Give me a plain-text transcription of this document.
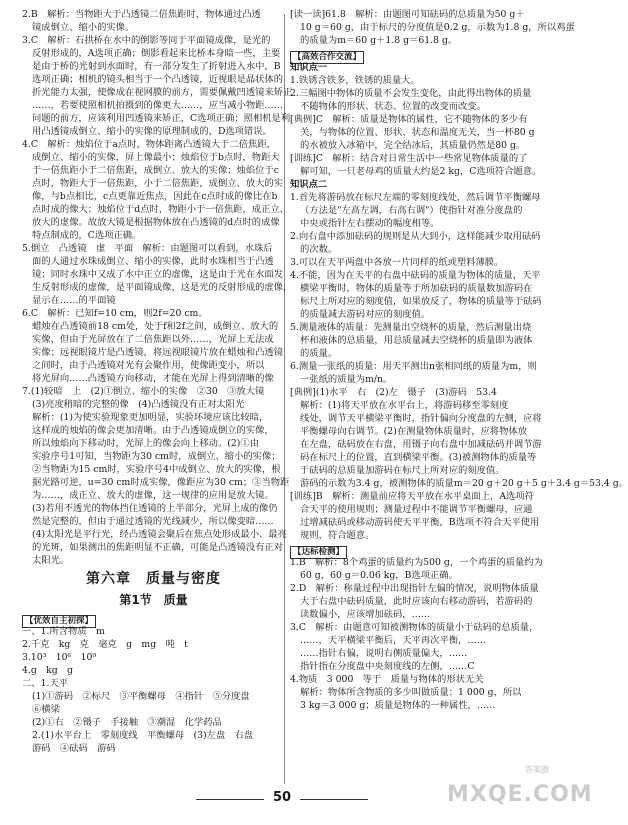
2.B　解析：当物距大于凸透镜二倍焦距时，物体通过凸透
镜成倒立、缩小的实像。
3.C　解析：石拱桥在水中的倒影等同于平面镜成像，是光的
反射形成的，A选项正确；倒影看起来比桥本身暗一些，主要
是由于桥的光射到水面时，有一部分发生了折射进入水中，B
选项正确；相机的镜头相当于一个凸透镜，近视眼是晶状体的
折光能力太强，使像成在视网膜的前方，需要佩戴凹透镜来矫正
……，若要使照相机拍摄到的像更大……，应当减小物距……
问题的前方，应该利用凹透镜来矫正，C选项正确；照相机是利
用凸透镜成倒立、缩小的实像的原理制成的，D选项错误。
4.C　解析：烛焰位于a点时，物体距离凸透镜大于二倍焦距，
成倒立、缩小的实像，屏上像最小；烛焰位于b点时，物距大
于一倍焦距小于二倍焦距，成倒立、放大的实像；烛焰位于c
点时，物距大于一倍焦距，小于二倍焦距，成倒立、放大的实
像，与b点相比，c点更靠近焦点，因此在c点时成的像比在b
点时成的像大；烛焰位于d点时，物距小于一倍焦距，成正立、
放大的虚像。故放大镜是根据物体放在凸透镜的d点时的成像
特点制成的，C选项正确。
5.倒立　凸透镜　虚　平面　解析：由题图可以看到，水珠后
面的人通过水珠成倒立、缩小的实像，此时水珠相当于凸透
镜；同时水珠中又成了水中正立的虚像，这是由于光在水面发
生反射形成的虚像，是平面镜成像，这是光的反射形成的虚像，
显示在……的平面镜
6.C　解析：已知f=10 cm，则2f=20 cm。
蜡烛在凸透镜前18 cm处，处于f和2f之间，成倒立、放大的
实像，但由于光屏放在了二倍焦距以外……，光屏上无法成
实像；远视眼镜片是凸透镜，将远视眼镜片放在蜡烛和凸透镜
之间时，由于凸透镜对光有会聚作用，使像距变小，所以
将光屏向……凸透镜方向移动，才能在光屏上得到清晰的像
7.(1)较暗　上　(2)①倒立、缩小的实像　②30　③放大镜
(3)亮度稍暗的完整的像　(4)凸透镜没有正对太阳光
解析：(1)为使实验现象更加明显，实验环境应该比较暗，
这样成的烛焰的像会更加清晰。由于凸透镜成倒立的实像，
所以烛焰向下移动时，光屏上的像会向上移动。(2)①由
实验序号1可知，当物距为30 cm时，成倒立、缩小的实像；
②当物距为15 cm时，实验序号4中成倒立、放大的实像，根
据光路可逆，u=30 cm时成实像，像距应为30 cm；③当物距
为……，成正立、放大的虚像，这一规律的应用是放大镜。
(3)若用不透光的物体挡住透镜的上半部分，光屏上成的像仍
然是完整的，但由于通过透镜的光线减少，所以像变暗……
(4)太阳光是平行光，经凸透镜会聚后在焦点处形成最小、最亮
的光斑，如果测出的焦距明显不正确，可能是凸透镜没有正对
太阳光。
第六章　质量与密度
第1节　质量
【优效自主初探】
一、1.所含物质　m
2.千克　kg　克　毫克　g　mg　吨　t
3.10³　10⁶　10⁹
4.g　kg　g
二、1.天平
(1)①游码　②标尺　③平衡螺母　④指针　⑤分度盘
⑥横梁
(2)①右　②镊子　手接触　③潮湿　化学药品
2.(1)水平台上　零刻度线　平衡螺母　(3)左盘　右盘
游码　④砝码　游码
[读一读]61.8　解析：由题图可知砝码的总质量为50 g＋
10 g＝60 g，由于标尺的分度值是0.2 g，示数为1.8 g，所以鸡蛋
的质量为m＝60 g＋1.8 g＝61.8 g。
【高效合作交流】
知识点一
1.铁锈含铁多，铁锈的质量大。
2.三幅图中物体的质量不会发生变化，由此得出物体的质量
不随物体的形状、状态、位置的改变而改变。
[典例]C　解析：质量是物体的属性，它不随物体的多少有
关，与物体的位置、形状、状态和温度无关，当一杯80 g
的水被放入冰箱中，完全结冰后，其质量仍然是80 g。
[训练]C　解析：结合对日常生活中一些常见物体质量的了
解可知，一只老母鸡的质量大约是2 kg，C选项符合题意。
知识点二
1.首先将游码放在标尺左端的零刻度线处，然后调节平衡螺母
（方法是"左高左调，右高右调"）使指针对准分度盘的
中央或指针左右摆动的幅度相等。
2.向右盘中添加砝码的规则是从大到小，这样能减少取用砝码
的次数。
3.可以在天平两盘中各放一片同样的纸或塑料薄膜。
4.不能，因为在天平的右盘中砝码的质量为物体的质量，天平
横梁平衡时，物体的质量等于所加砝码的质量数加游码在
标尺上所对应的刻度值，如果放反了，物体的质量等于砝码
的质量减去游码对应的刻度值。
5.测量液体的质量：先测量出空烧杯的质量，然后测量出烧
杯和液体的总质量，用总质量减去空烧杯的质量即为液体
的质量。
6.测量一张纸的质量：用天平测出n张相同纸的质量为m，则
一张纸的质量为m/n。
[典例](1)水平　右　(2)左　镊子　(3)游码　53.4
解析：(1)将天平放在水平台上，将游码移至零刻度
线处，调节天平横梁平衡时，指针偏向分度盘的左侧，应将
平衡螺母向右调节。(2)在测量物体质量时，应将物体放
在左盘，砝码放在右盘，用镊子向右盘中加减砝码并调节游
码在标尺上的位置，直到横梁平衡。(3)被测物体的质量等
于砝码的总质量加游码在标尺上所对应的刻度值。
游码的示数为3.4 g，被测物体的质量m＝20 g＋20 g＋5 g＋3.4 g＝53.4 g。
[训练]B　解析：测量前应将天平放在水平桌面上，A选项符
合天平的使用规则；测量过程中不能调节平衡螺母，应通
过增减砝码或移动游码使天平平衡，B选项不符合天平使用
规则，符合题意。
【达标检测】
1.B　解析：8个鸡蛋的质量约为500 g，一个鸡蛋的质量约为
60 g，60 g＝0.06 kg，B选项正确。
2.D　解析：称量过程中出现指针左偏的情况，说明物体质量
大于右盘中砝码质量，此时应该向右移动游码，若游码的
读数偏小，应该增加砝码，……
3.C　解析：由题意可知被测物体的质量小于砝码的总质量，
……，天平横梁平衡后，天平再次平衡，……
……指针右偏，说明右侧质量偏大，……
指针指在分度盘中央刻度线的左侧，……C
4.物质　3 000　等于　质量与物体的形状无关
解析：物体所含物质的多少叫做质量；1 000 g，所以
3 kg＝3 000 g；质量是物体的一种属性，……
50
答案圈
MXQE.COM
